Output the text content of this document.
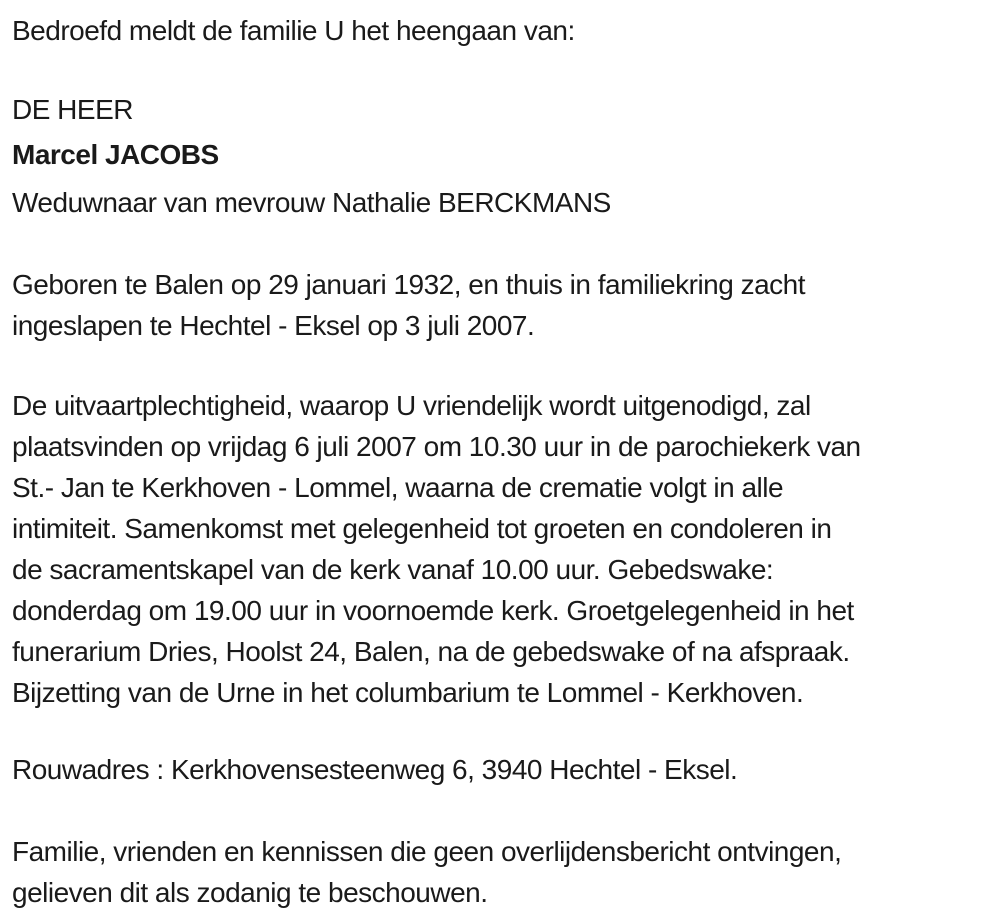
Bedroefd meldt de familie U het heengaan van:

DE HEER

Marcel JACOBS

Weduwnaar van mevrouw Nathalie BERCKMANS

Geboren te Balen op 29 januari 1932, en thuis in familiekring zacht
ingeslapen te Hechtel - Eksel op 3 juli 2007.
De uitvaartplechtigheid, waarop U vriendelijk wordt uitgenodigd, zal
plaatsvinden op vrijdag 6 juli 2007 om 10.30 uur in de parochiekerk van
St.- Jan te Kerkhoven - Lommel, waarna de crematie volgt in alle
intimiteit. Samenkomst met gelegenheid tot groeten en condoleren in
de sacramentskapel van de kerk vanaf 10.00 uur. Gebedswake:
donderdag om 19.00 uur in voornoemde kerk. Groetgelegenheid in het
funerarium Dries, Hoolst 24, Balen, na de gebedswake of na afspraak.
Bijzetting van de Urne in het columbarium te Lommel - Kerkhoven.

Rouwadres : Kerkhovensesteenweg 6, 3940 Hechtel - Eksel.

Familie, vrienden en kennissen die geen overlijdensbericht ontvingen,
gelieven dit als zodanig te beschouwen.
